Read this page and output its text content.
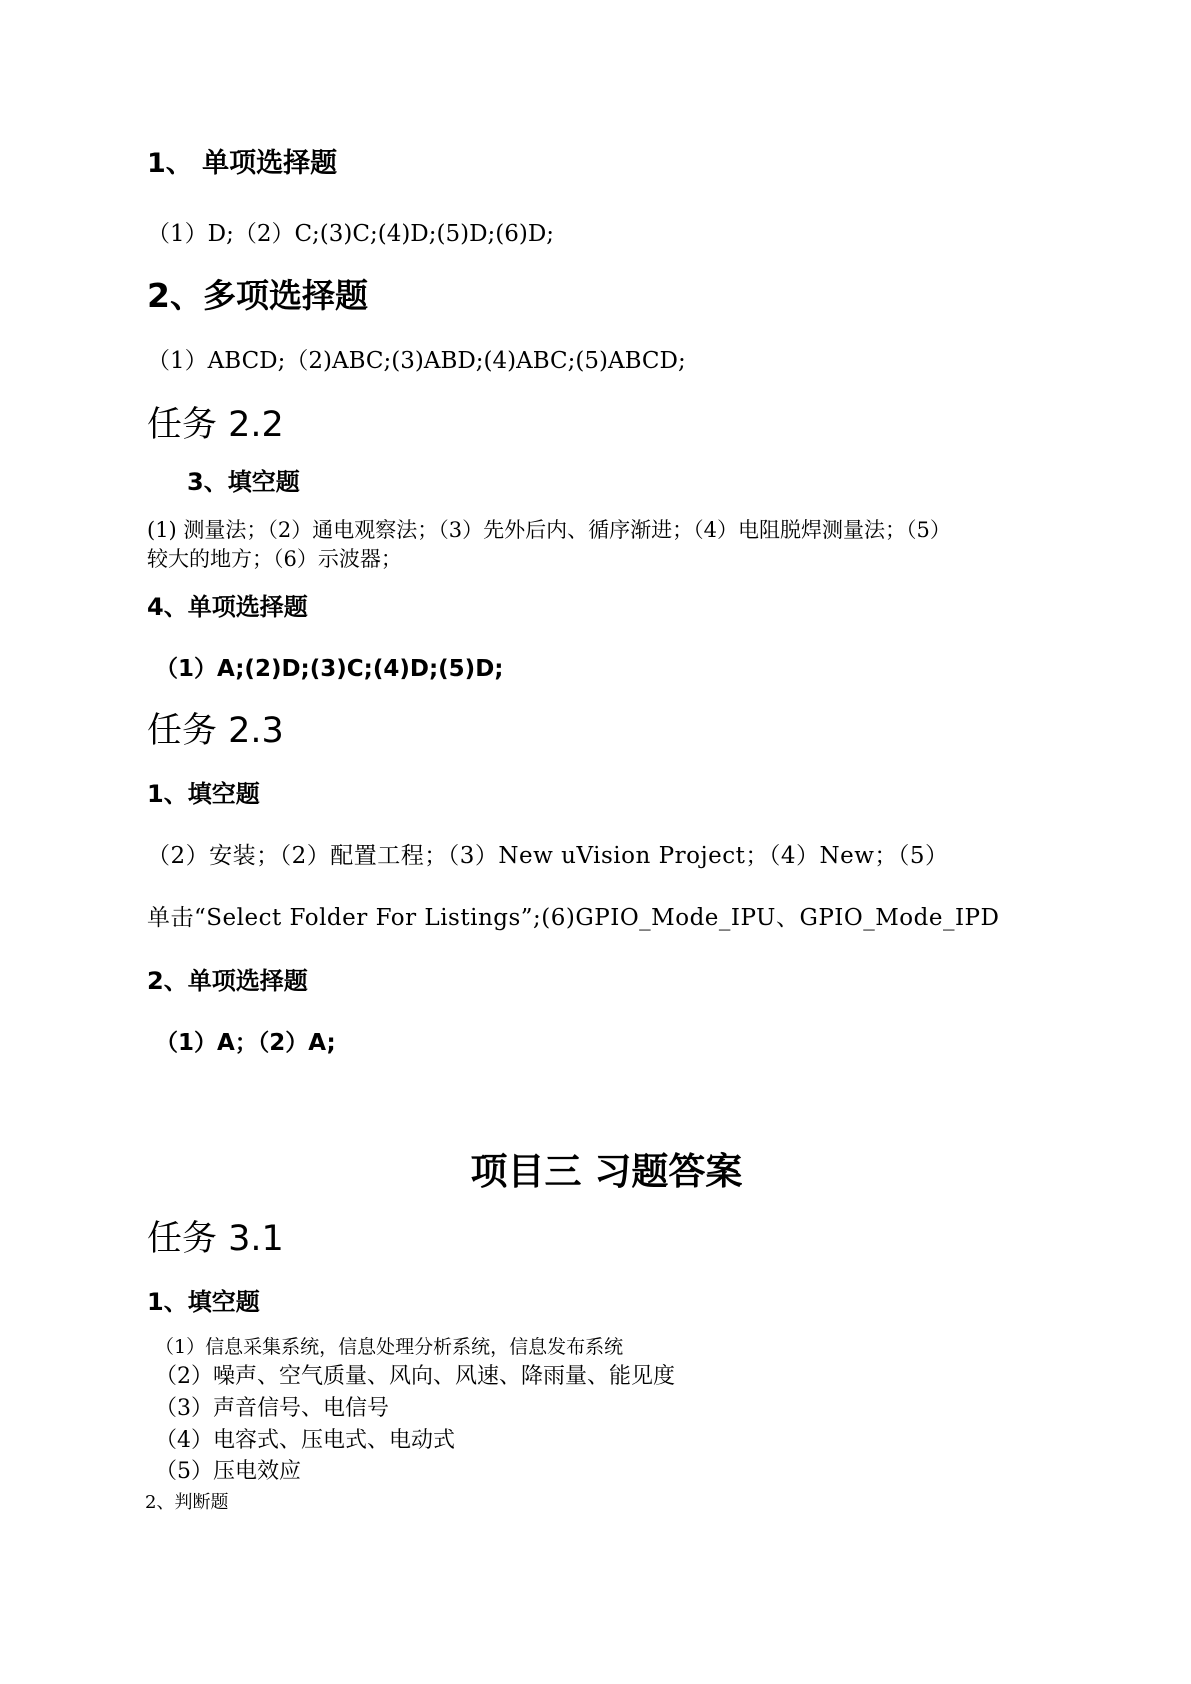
1、 单项选择题
（1）D;（2）C;(3)C;(4)D;(5)D;(6)D;
2、多项选择题
（1）ABCD;（2)ABC;(3)ABD;(4)ABC;(5)ABCD;
任务 2.2
3、填空题
(1) 测量法；（2）通电观察法；（3）先外后内、循序渐进；（4）电阻脱焊测量法；（5）
较大的地方；（6）示波器；
4、单项选择题
（1）A;(2)D;(3)C;(4)D;(5)D;
任务 2.3
1、填空题
（2）安装；（2）配置工程；（3）New uVision Project；（4）New；（5）
单击“Select Folder For Listings”;(6)GPIO_Mode_IPU、GPIO_Mode_IPD
2、单项选择题
（1）A；（2）A;
项目三 习题答案
任务 3.1
1、填空题
（1）信息采集系统，信息处理分析系统，信息发布系统
（2）噪声、空气质量、风向、风速、降雨量、能见度
（3）声音信号、电信号
（4）电容式、压电式、电动式
（5）压电效应
2、判断题
